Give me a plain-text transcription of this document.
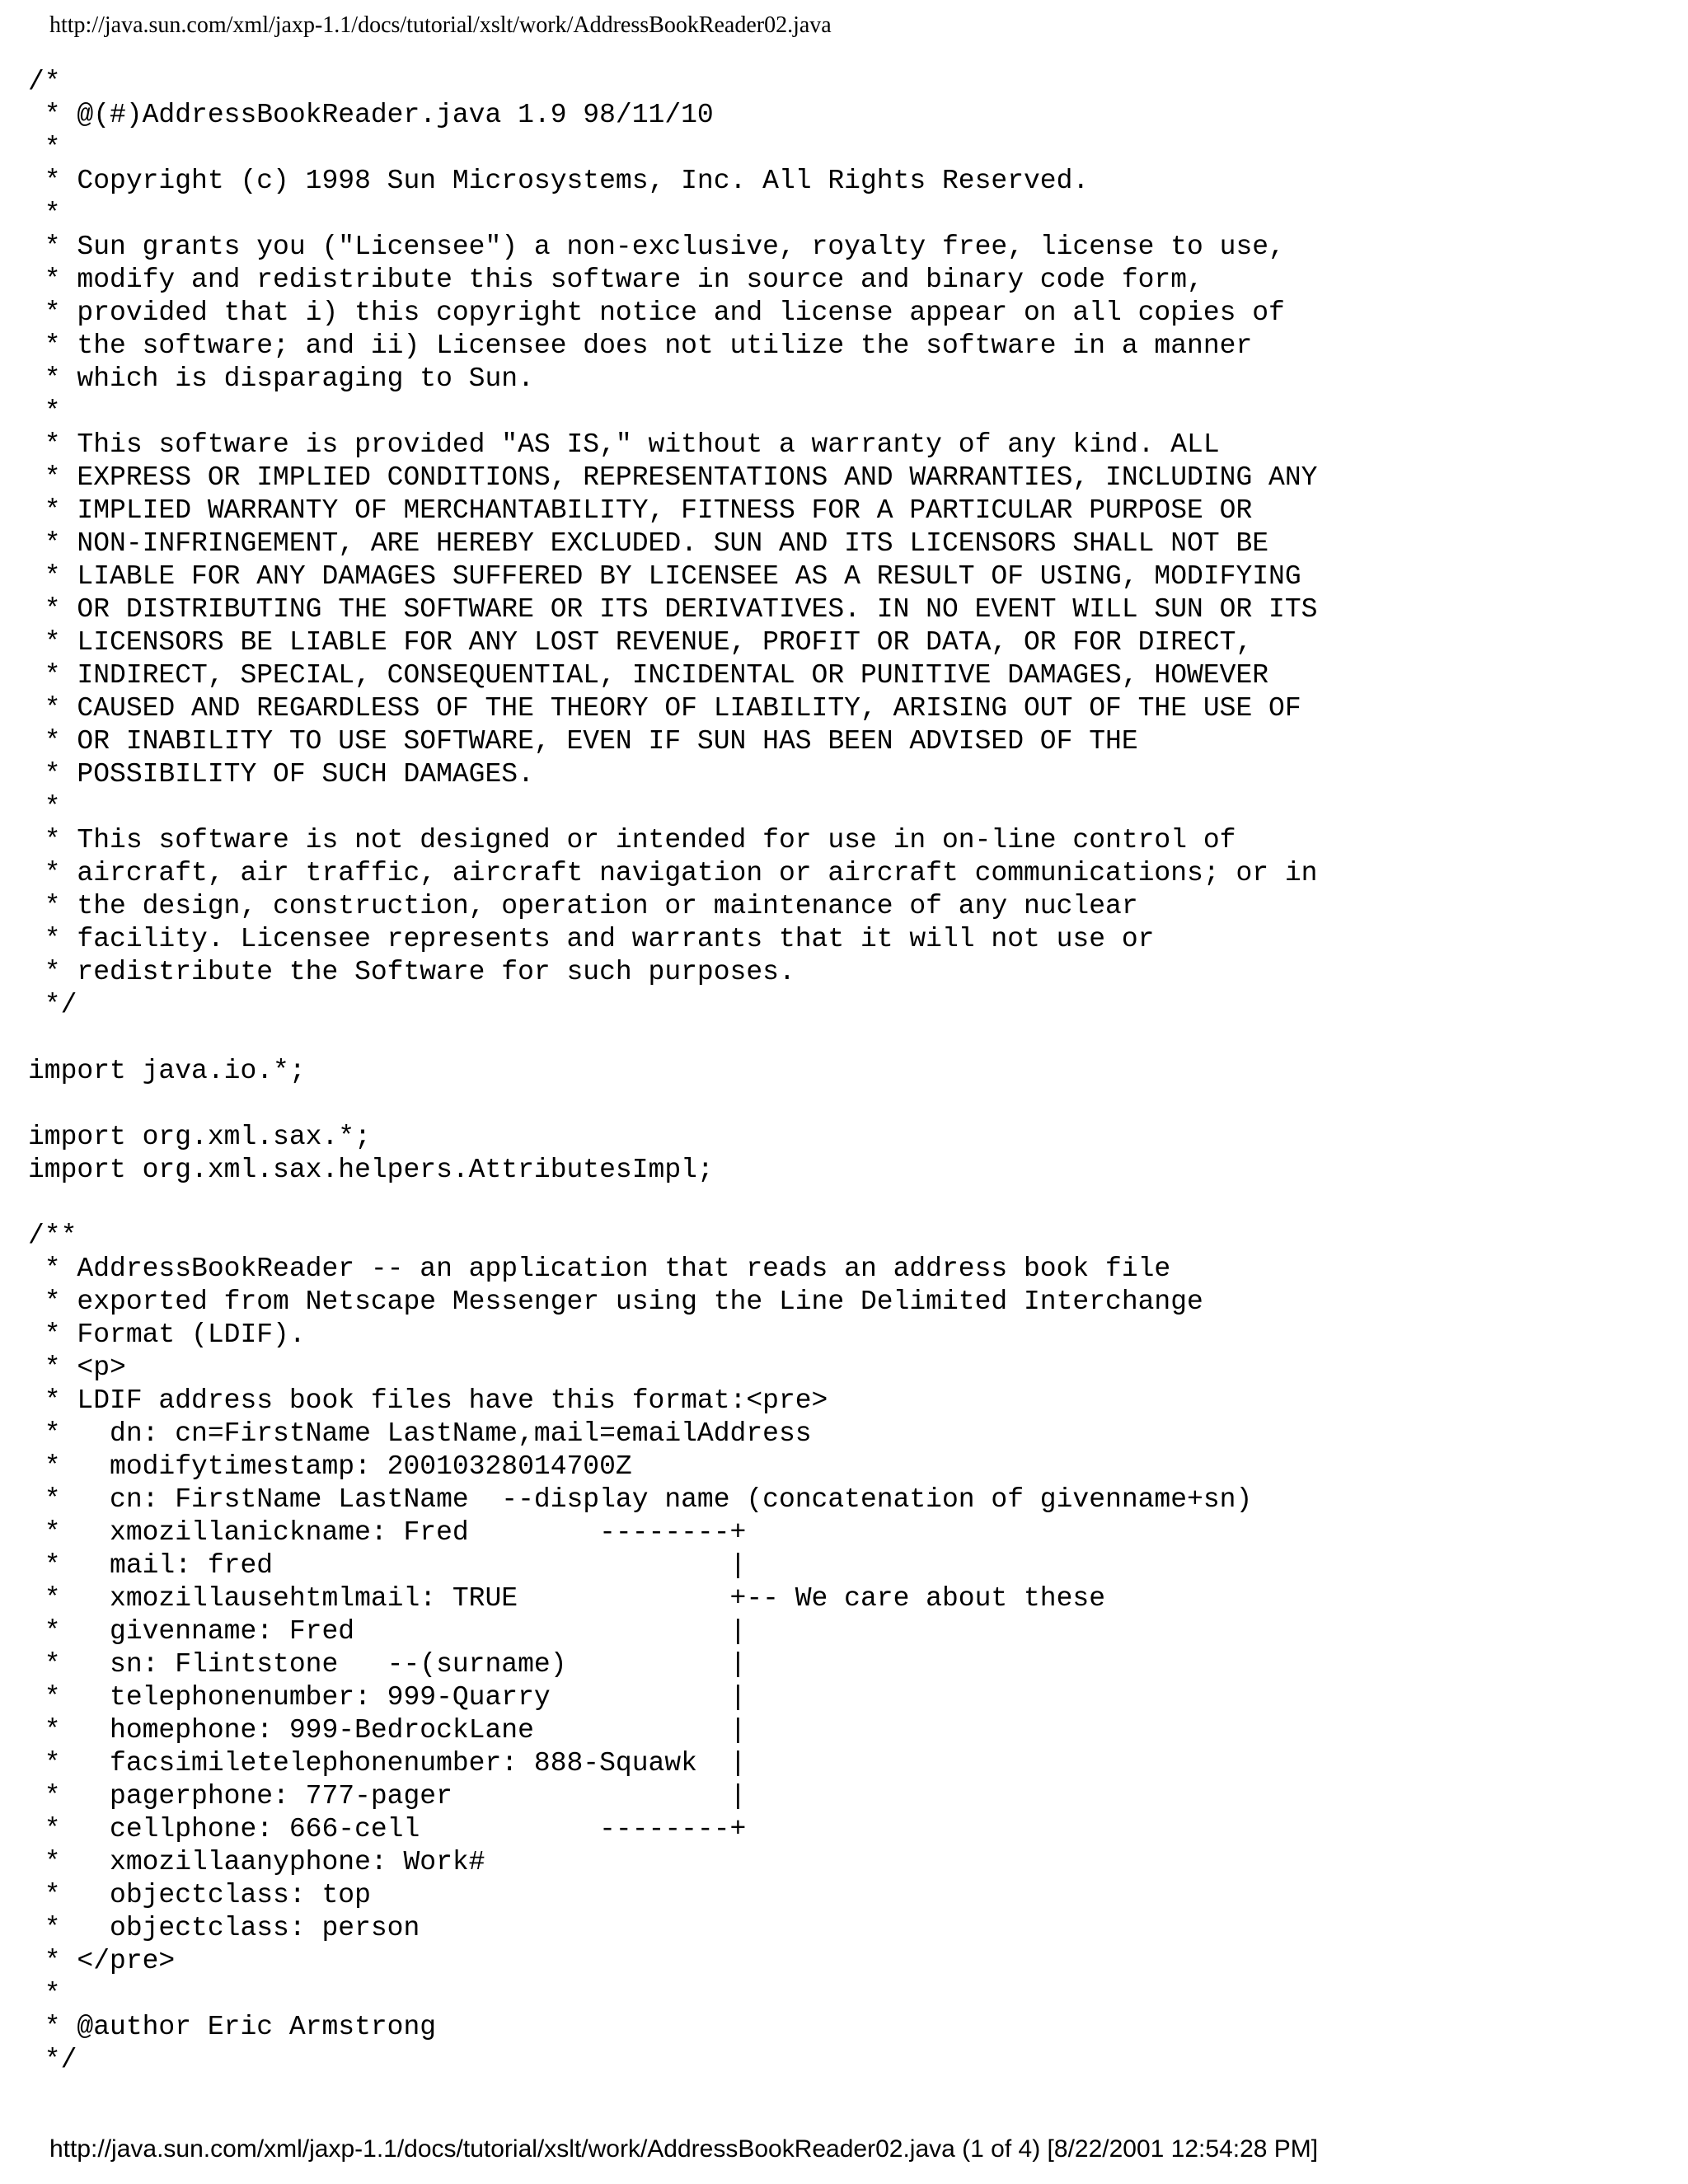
http://java.sun.com/xml/jaxp-1.1/docs/tutorial/xslt/work/AddressBookReader02.java
/*
* @(#)AddressBookReader.java 1.9 98/11/10
*
* Copyright (c) 1998 Sun Microsystems, Inc. All Rights Reserved.
*
* Sun grants you ("Licensee") a non-exclusive, royalty free, license to use,
* modify and redistribute this software in source and binary code form,
* provided that i) this copyright notice and license appear on all copies of
* the software; and ii) Licensee does not utilize the software in a manner
* which is disparaging to Sun.
*
* This software is provided "AS IS," without a warranty of any kind. ALL
* EXPRESS OR IMPLIED CONDITIONS, REPRESENTATIONS AND WARRANTIES, INCLUDING ANY
* IMPLIED WARRANTY OF MERCHANTABILITY, FITNESS FOR A PARTICULAR PURPOSE OR
* NON-INFRINGEMENT, ARE HEREBY EXCLUDED. SUN AND ITS LICENSORS SHALL NOT BE
* LIABLE FOR ANY DAMAGES SUFFERED BY LICENSEE AS A RESULT OF USING, MODIFYING
* OR DISTRIBUTING THE SOFTWARE OR ITS DERIVATIVES. IN NO EVENT WILL SUN OR ITS
* LICENSORS BE LIABLE FOR ANY LOST REVENUE, PROFIT OR DATA, OR FOR DIRECT,
* INDIRECT, SPECIAL, CONSEQUENTIAL, INCIDENTAL OR PUNITIVE DAMAGES, HOWEVER
* CAUSED AND REGARDLESS OF THE THEORY OF LIABILITY, ARISING OUT OF THE USE OF
* OR INABILITY TO USE SOFTWARE, EVEN IF SUN HAS BEEN ADVISED OF THE
* POSSIBILITY OF SUCH DAMAGES.
*
* This software is not designed or intended for use in on-line control of
* aircraft, air traffic, aircraft navigation or aircraft communications; or in
* the design, construction, operation or maintenance of any nuclear
* facility. Licensee represents and warrants that it will not use or
* redistribute the Software for such purposes.
*/
import java.io.*;
import org.xml.sax.*;
import org.xml.sax.helpers.AttributesImpl;
/**
* AddressBookReader -- an application that reads an address book file
* exported from Netscape Messenger using the Line Delimited Interchange
* Format (LDIF).
* <p>
* LDIF address book files have this format:<pre>
*   dn: cn=FirstName LastName,mail=emailAddress
*   modifytimestamp: 20010328014700Z
*   cn: FirstName LastName  --display name (concatenation of givenname+sn)
*   xmozillanickname: Fred        --------+
*   mail: fred                            |
*   xmozillausehtmlmail: TRUE             +-- We care about these
*   givenname: Fred                       |
*   sn: Flintstone   --(surname)          |
*   telephonenumber: 999-Quarry           |
*   homephone: 999-BedrockLane            |
*   facsimiletelephonenumber: 888-Squawk  |
*   pagerphone: 777-pager                 |
*   cellphone: 666-cell           --------+
*   xmozillaanyphone: Work#
*   objectclass: top
*   objectclass: person
* </pre>
*
* @author Eric Armstrong
*/
http://java.sun.com/xml/jaxp-1.1/docs/tutorial/xslt/work/AddressBookReader02.java (1 of 4) [8/22/2001 12:54:28 PM]
